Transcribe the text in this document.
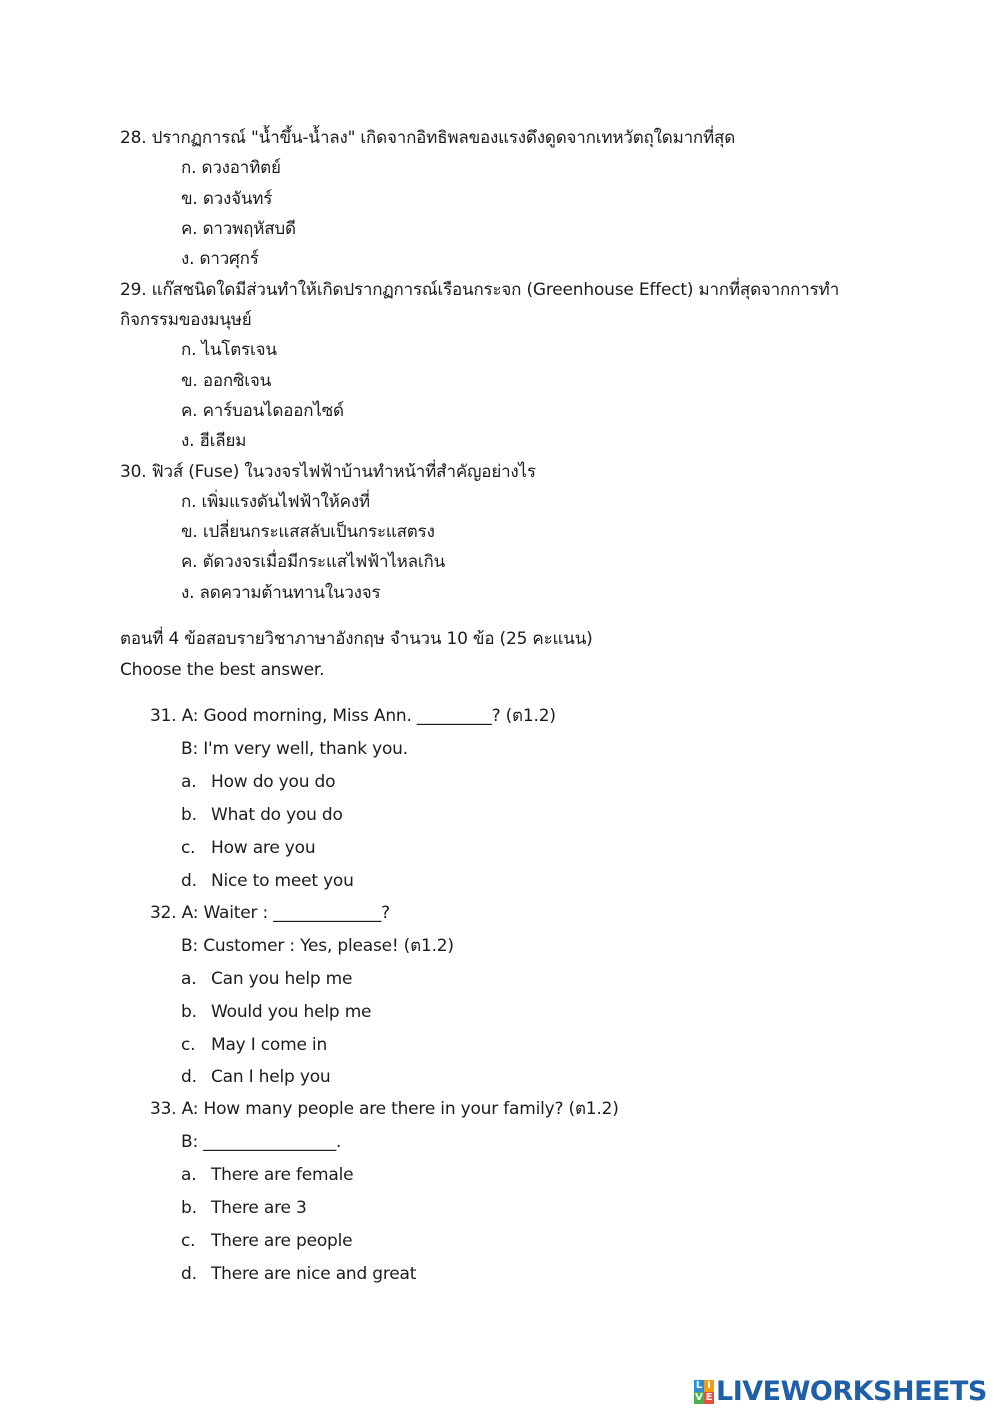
28. ปรากฏการณ์ "น้ำขึ้น-น้ำลง" เกิดจากอิทธิพลของแรงดึงดูดจากเทหวัตถุใดมากที่สุด
ก. ดวงอาทิตย์
ข. ดวงจันทร์
ค. ดาวพฤหัสบดี
ง. ดาวศุกร์
29. แก๊สชนิดใดมีส่วนทำให้เกิดปรากฏการณ์เรือนกระจก (Greenhouse Effect) มากที่สุดจากการทำ
กิจกรรมของมนุษย์
ก. ไนโตรเจน
ข. ออกซิเจน
ค. คาร์บอนไดออกไซด์
ง. ฮีเลียม
30. ฟิวส์ (Fuse) ในวงจรไฟฟ้าบ้านทำหน้าที่สำคัญอย่างไร
ก. เพิ่มแรงดันไฟฟ้าให้คงที่
ข. เปลี่ยนกระแสสลับเป็นกระแสตรง
ค. ตัดวงจรเมื่อมีกระแสไฟฟ้าไหลเกิน
ง. ลดความต้านทานในวงจร
ตอนที่ 4 ข้อสอบรายวิชาภาษาอังกฤษ จำนวน 10 ข้อ (25 คะแนน)
Choose the best answer.
31. A: Good morning, Miss Ann. _________? (ต1.2)
B: I'm very well, thank you.
a. How do you do
b. What do you do
c. How are you
d. Nice to meet you
32. A: Waiter : _____________?
B: Customer : Yes, please! (ต1.2)
a. Can you help me
b. Would you help me
c. May I come in
d. Can I help you
33. A: How many people are there in your family? (ต1.2)
B: ________________.
a. There are female
b. There are 3
c. There are people
d. There are nice and great
L I
V E LIVEWORKSHEETS
